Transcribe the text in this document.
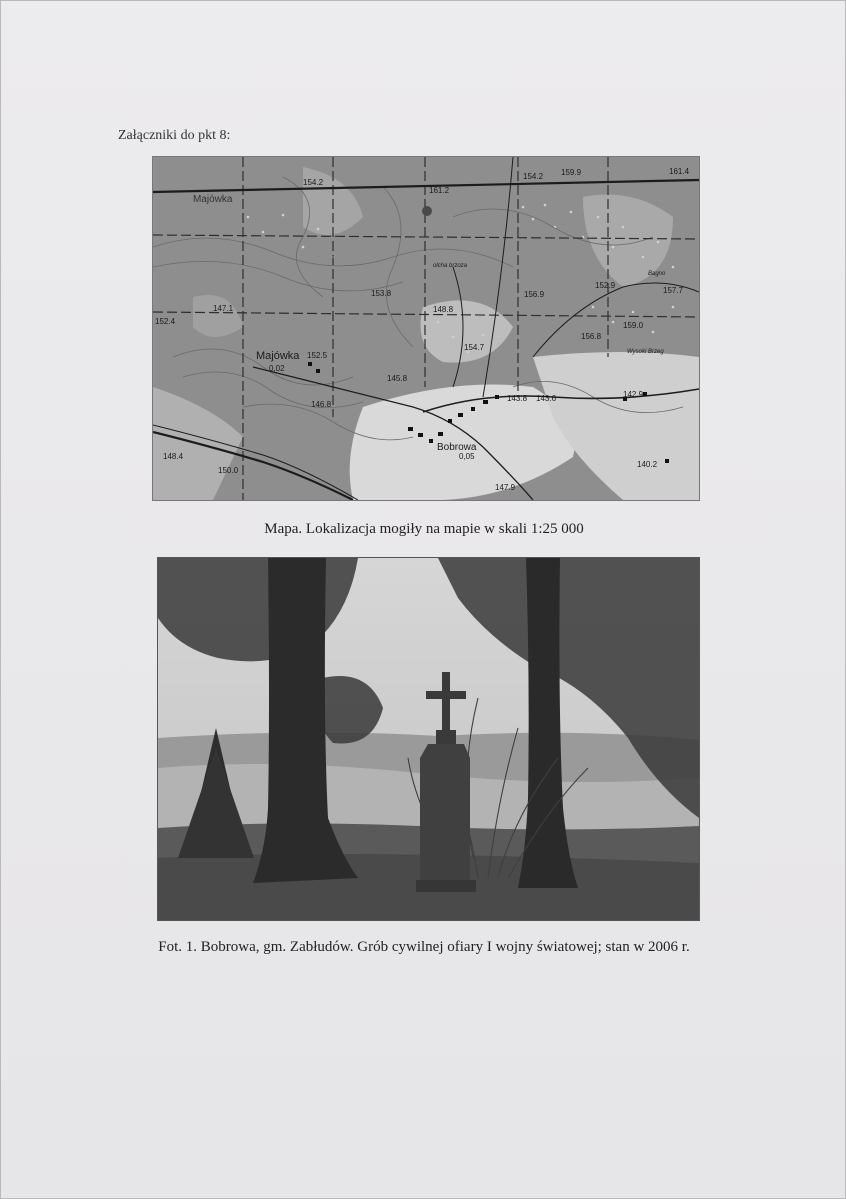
Załączniki do pkt 8:
Majówka
Majówka
0,02
Bobrowa
0,05
Bagno
olcha brzoza
Wysoki Brzeg
154.2
161.2
154.2 159.9	161.4
153.8	156.9
152.9
157.7
148.8
156.8
159.0
154.7
152.5
143.8 143.6
146.8
148.4
150.0
147.9
140.2
147.1
152.4
145.8
142.9
Mapa. Lokalizacja mogiły na mapie w skali 1:25 000
Fot. 1. Bobrowa, gm. Zabłudów. Grób cywilnej ofiary I wojny światowej; stan w 2006 r.
